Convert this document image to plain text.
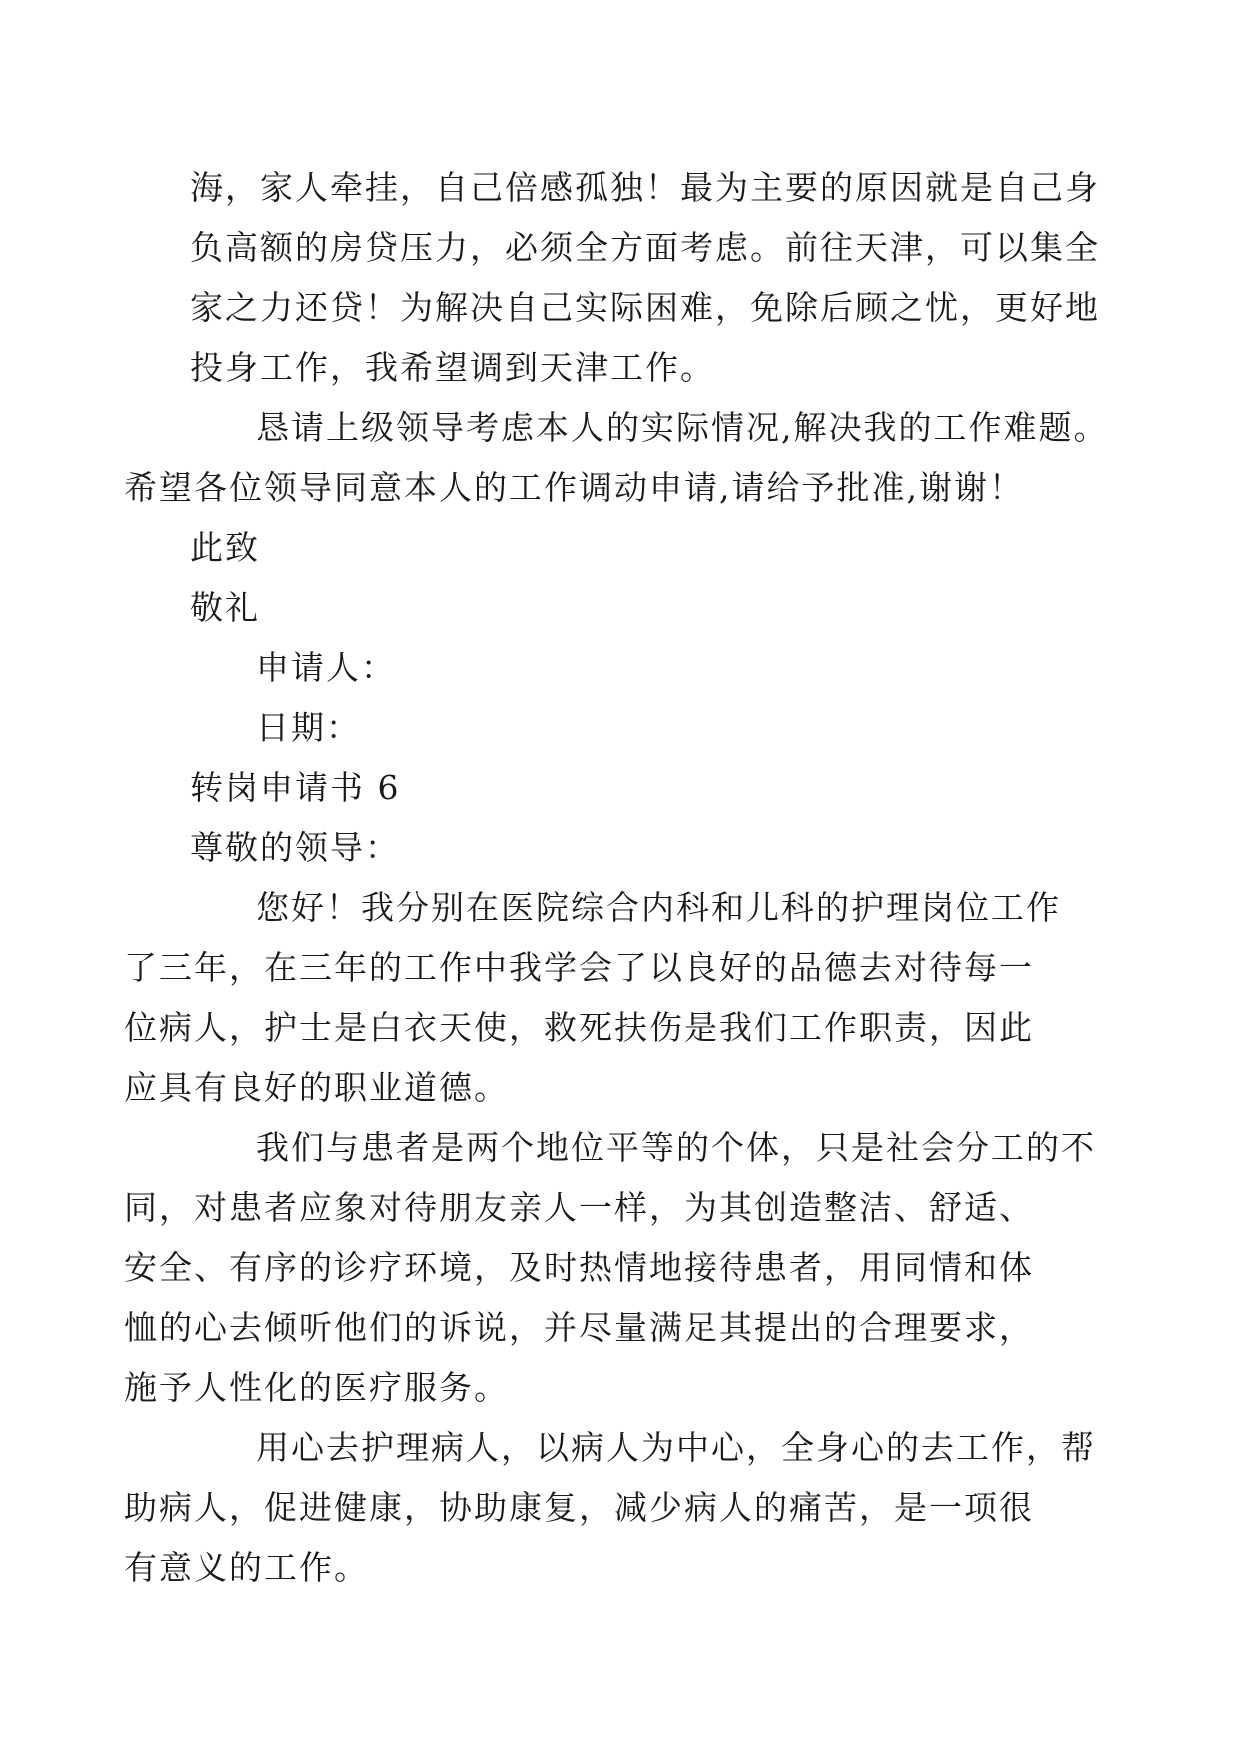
海，家人牵挂，自己倍感孤独！最为主要的原因就是自己身
负高额的房贷压力，必须全方面考虑。前往天津，可以集全
家之力还贷！为解决自己实际困难，免除后顾之忧，更好地
投身工作，我希望调到天津工作。

恳请上级领导考虑本人的实际情况,解决我的工作难题。
希望各位领导同意本人的工作调动申请,请给予批准,谢谢！

此致

敬礼

申请人：

日期：

转岗申请书 6

尊敬的领导：

您好！我分别在医院综合内科和儿科的护理岗位工作
了三年，在三年的工作中我学会了以良好的品德去对待每一
位病人，护士是白衣天使，救死扶伤是我们工作职责，因此
应具有良好的职业道德。

我们与患者是两个地位平等的个体，只是社会分工的不
同，对患者应象对待朋友亲人一样，为其创造整洁、舒适、
安全、有序的诊疗环境，及时热情地接待患者，用同情和体
恤的心去倾听他们的诉说，并尽量满足其提出的合理要求，
施予人性化的医疗服务。

用心去护理病人，以病人为中心，全身心的去工作，帮
助病人，促进健康，协助康复，减少病人的痛苦，是一项很
有意义的工作。
